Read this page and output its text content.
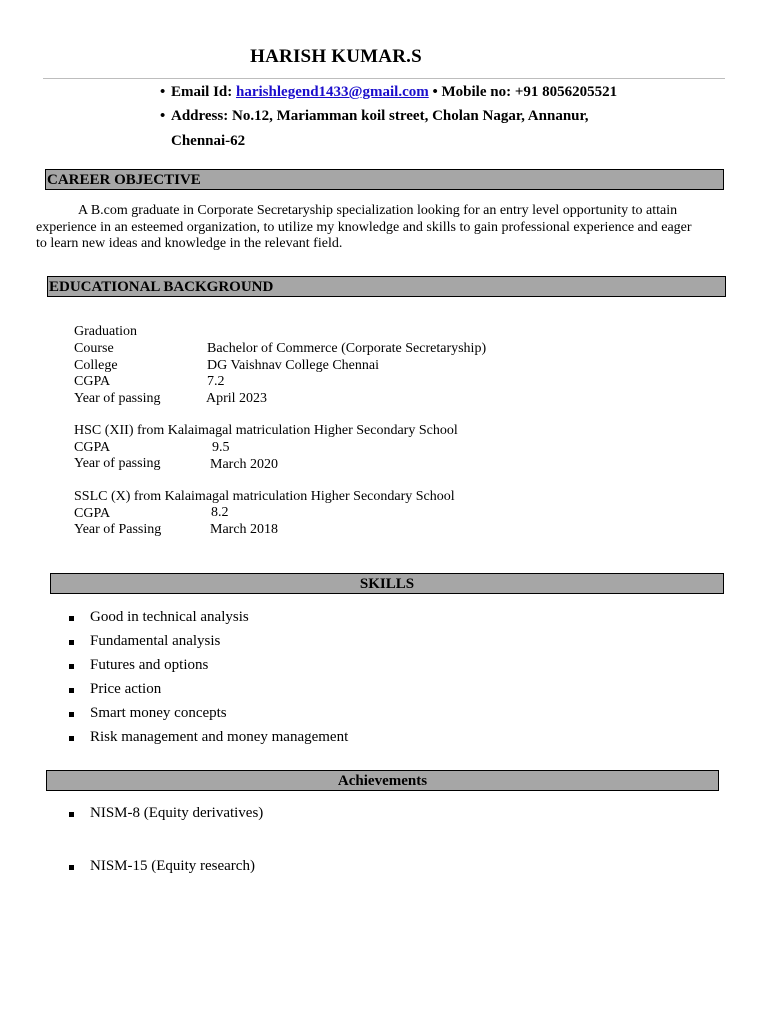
HARISH KUMAR.S
• Email Id: harishlegend1433@gmail.com • Mobile no: +91 8056205521
• Address: No.12, Mariamman koil street, Cholan Nagar, Annanur,
Chennai-62
CAREER OBJECTIVE
A B.com graduate in Corporate Secretaryship specialization looking for an entry level opportunity to attain
experience in an esteemed organization, to utilize my knowledge and skills to gain professional experience and eager
to learn new ideas and knowledge in the relevant field.
EDUCATIONAL BACKGROUND
Graduation
Course
College
CGPA
Year of passing
Bachelor of Commerce (Corporate Secretaryship)
DG Vaishnav College Chennai
7.2
April 2023
HSC (XII) from Kalaimagal matriculation Higher Secondary School
CGPA
Year of passing
9.5
March 2020
SSLC (X) from Kalaimagal matriculation Higher Secondary School
CGPA
Year of Passing
8.2
March 2018
SKILLS
Good in technical analysis
Fundamental analysis
Futures and options
Price action
Smart money concepts
Risk management and money management
Achievements
NISM-8 (Equity derivatives)
NISM-15 (Equity research)
